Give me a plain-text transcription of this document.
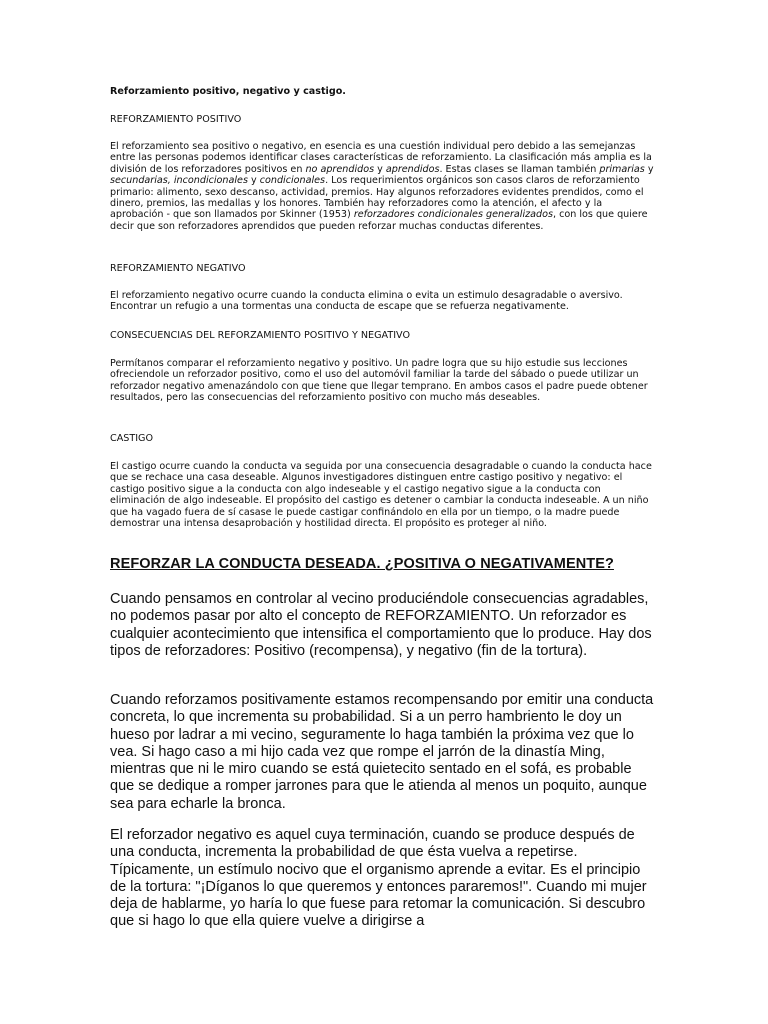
Reforzamiento positivo, negativo y castigo.

REFORZAMIENTO POSITIVO

El reforzamiento sea positivo o negativo, en esencia es una cuestión individual pero debido a las semejanzas entre las personas podemos identificar clases características de reforzamiento. La clasificación más amplia es la división de los reforzadores positivos en no aprendidos y aprendidos. Estas clases se llaman también primarias y secundarias, incondicionales y condicionales. Los requerimientos orgánicos son casos claros de reforzamiento primario: alimento, sexo descanso, actividad, premios. Hay algunos reforzadores evidentes prendidos, como el dinero, premios, las medallas y los honores. También hay reforzadores como la atención, el afecto y la aprobación - que son llamados por Skinner (1953) reforzadores condicionales generalizados, con los que quiere decir que son reforzadores aprendidos que pueden reforzar muchas conductas diferentes.

REFORZAMIENTO NEGATIVO

El reforzamiento negativo ocurre cuando la conducta elimina o evita un estimulo desagradable o aversivo. Encontrar un refugio a una tormentas una conducta de escape que se refuerza negativamente.

CONSECUENCIAS DEL REFORZAMIENTO POSITIVO Y NEGATIVO

Permítanos comparar el reforzamiento negativo y positivo. Un padre logra que su hijo estudie sus lecciones ofreciendole un reforzador positivo, como el uso del automóvil familiar la tarde del sábado o puede utilizar un reforzador negativo amenazándolo con que tiene que llegar temprano. En ambos casos el padre puede obtener resultados, pero las consecuencias del reforzamiento positivo con mucho más deseables.

CASTIGO

El castigo ocurre cuando la conducta va seguida por una consecuencia desagradable o cuando la conducta hace que se rechace una casa deseable. Algunos investigadores distinguen entre castigo positivo y negativo: el castigo positivo sigue a la conducta con algo indeseable y el castigo negativo sigue a la conducta con eliminación de algo indeseable. El propósito del castigo es detener o cambiar la conducta indeseable. A un niño que ha vagado fuera de sí casase le puede castigar confinándolo en ella por un tiempo, o la madre puede demostrar una intensa desaprobación y hostilidad directa. El propósito es proteger al niño.

REFORZAR LA CONDUCTA DESEADA. ¿POSITIVA O NEGATIVAMENTE?

Cuando pensamos en controlar al vecino produciéndole consecuencias agradables, no podemos pasar por alto el concepto de REFORZAMIENTO. Un reforzador es cualquier acontecimiento que intensifica el comportamiento que lo produce. Hay dos tipos de reforzadores: Positivo (recompensa), y negativo (fin de la tortura).

Cuando reforzamos positivamente estamos recompensando por emitir una conducta concreta, lo que incrementa su probabilidad. Si a un perro hambriento le doy un hueso por ladrar a mi vecino, seguramente lo haga también la próxima vez que lo vea. Si hago caso a mi hijo cada vez que rompe el jarrón de la dinastía Ming, mientras que ni le miro cuando se está quietecito sentado en el sofá, es probable que se dedique a romper jarrones para que le atienda al menos un poquito, aunque sea para echarle la bronca.

El reforzador negativo es aquel cuya terminación, cuando se produce después de una conducta, incrementa la probabilidad de que ésta vuelva a repetirse. Típicamente, un estímulo nocivo que el organismo aprende a evitar. Es el principio de la tortura: "¡Díganos lo que queremos y entonces pararemos!". Cuando mi mujer deja de hablarme, yo haría lo que fuese para retomar la comunicación. Si descubro que si hago lo que ella quiere vuelve a dirigirse a
